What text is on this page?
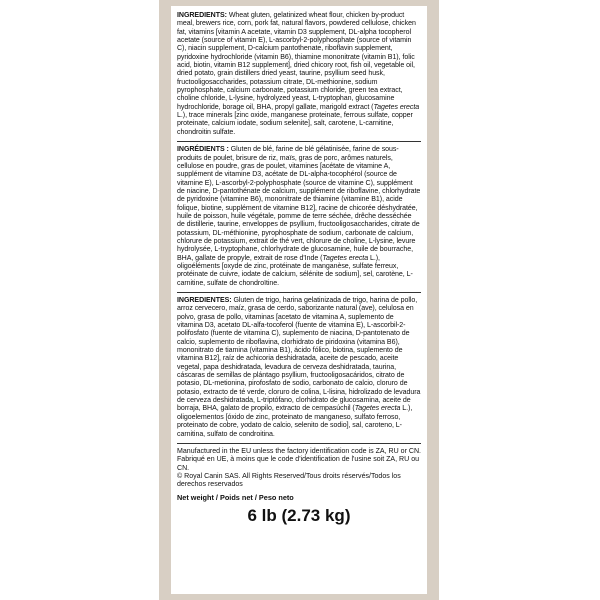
INGREDIENTS: Wheat gluten, gelatinized wheat flour, chicken by-product meal, brewers rice, corn, pork fat, natural flavors, powdered cellulose, chicken fat, vitamins [vitamin A acetate, vitamin D3 supplement, DL-alpha tocopherol acetate (source of vitamin E), L-ascorbyl-2-polyphosphate (source of vitamin C), niacin supplement, D-calcium pantothenate, riboflavin supplement, pyridoxine hydrochloride (vitamin B6), thiamine mononitrate (vitamin B1), folic acid, biotin, vitamin B12 supplement], dried chicory root, fish oil, vegetable oil, dried potato, grain distillers dried yeast, taurine, psyllium seed husk, fructooligosaccharides, potassium citrate, DL-methionine, sodium pyrophosphate, calcium carbonate, potassium chloride, green tea extract, choline chloride, L-lysine, hydrolyzed yeast, L-tryptophan, glucosamine hydrochloride, borage oil, BHA, propyl gallate, marigold extract (Tagetes erecta L.), trace minerals [zinc oxide, manganese proteinate, ferrous sulfate, copper proteinate, calcium iodate, sodium selenite], salt, carotene, L-carnitine, chondroitin sulfate.

INGRÉDIENTS : Gluten de blé, farine de blé gélatinisée, farine de sous-produits de poulet, brisure de riz, maïs, gras de porc, arômes naturels, cellulose en poudre, gras de poulet, vitamines [acétate de vitamine A, supplément de vitamine D3, acétate de DL-alpha-tocophérol (source de vitamine E), L-ascorbyl-2-polyphosphate (source de vitamine C), supplément de niacine, D-pantothénate de calcium, supplément de riboflavine, chlorhydrate de pyridoxine (vitamine B6), mononitrate de thiamine (vitamine B1), acide folique, biotine, supplément de vitamine B12], racine de chicorée déshydratée, huile de poisson, huile végétale, pomme de terre séchée, drêche desséchée de distillerie, taurine, enveloppes de psyllium, fructooligosaccharides, citrate de potassium, DL-méthionine, pyrophosphate de sodium, carbonate de calcium, chlorure de potassium, extrait de thé vert, chlorure de choline, L-lysine, levure hydrolysée, L-tryptophane, chlorhydrate de glucosamine, huile de bourrache, BHA, gallate de propyle, extrait de rose d'Inde (Tagetes erecta L.), oligoéléments [oxyde de zinc, protéinate de manganèse, sulfate ferreux, protéinate de cuivre, iodate de calcium, sélénite de sodium], sel, carotène, L-carnitine, sulfate de chondroïtine.

INGREDIENTES: Gluten de trigo, harina gelatinizada de trigo, harina de pollo, arroz cervecero, maíz, grasa de cerdo, saborizante natural (ave), celulosa en polvo, grasa de pollo, vitaminas [acetato de vitamina A, suplemento de vitamina D3, acetato DL-alfa-tocoferol (fuente de vitamina E), L-ascorbil-2-polifosfato (fuente de vitamina C), suplemento de niacina, D-pantotenato de calcio, suplemento de riboflavina, clorhidrato de piridoxina (vitamina B6), mononitrato de tiamina (vitamina B1), ácido fólico, biotina, suplemento de vitamina B12], raíz de achicoria deshidratada, aceite de pescado, aceite vegetal, papa deshidratada, levadura de cerveza deshidratada, taurina, cáscaras de semillas de plántago psyllium, fructooligosacáridos, citrato de potasio, DL-metionina, pirofosfato de sodio, carbonato de calcio, cloruro de potasio, extracto de té verde, cloruro de colina, L-lisina, hidrolizado de levadura de cerveza deshidratada, L-triptófano, clorhidrato de glucosamina, aceite de borraja, BHA, galato de propilo, extracto de cempasúchil (Tagetes erecta L.), oligoelementos [óxido de zinc, proteinato de manganeso, sulfato ferroso, proteinato de cobre, yodato de calcio, selenito de sodio], sal, caroteno, L-carnitina, sulfato de condroitina.

Manufactured in the EU unless the factory identification code is ZA, RU or CN.

Fabriqué en UE, à moins que le code d'identification de l'usine soit ZA, RU ou CN.

© Royal Canin SAS. All Rights Reserved/Tous droits réservés/Todos los derechos reservados

Net weight / Poids net / Peso neto

6 lb (2.73 kg)
